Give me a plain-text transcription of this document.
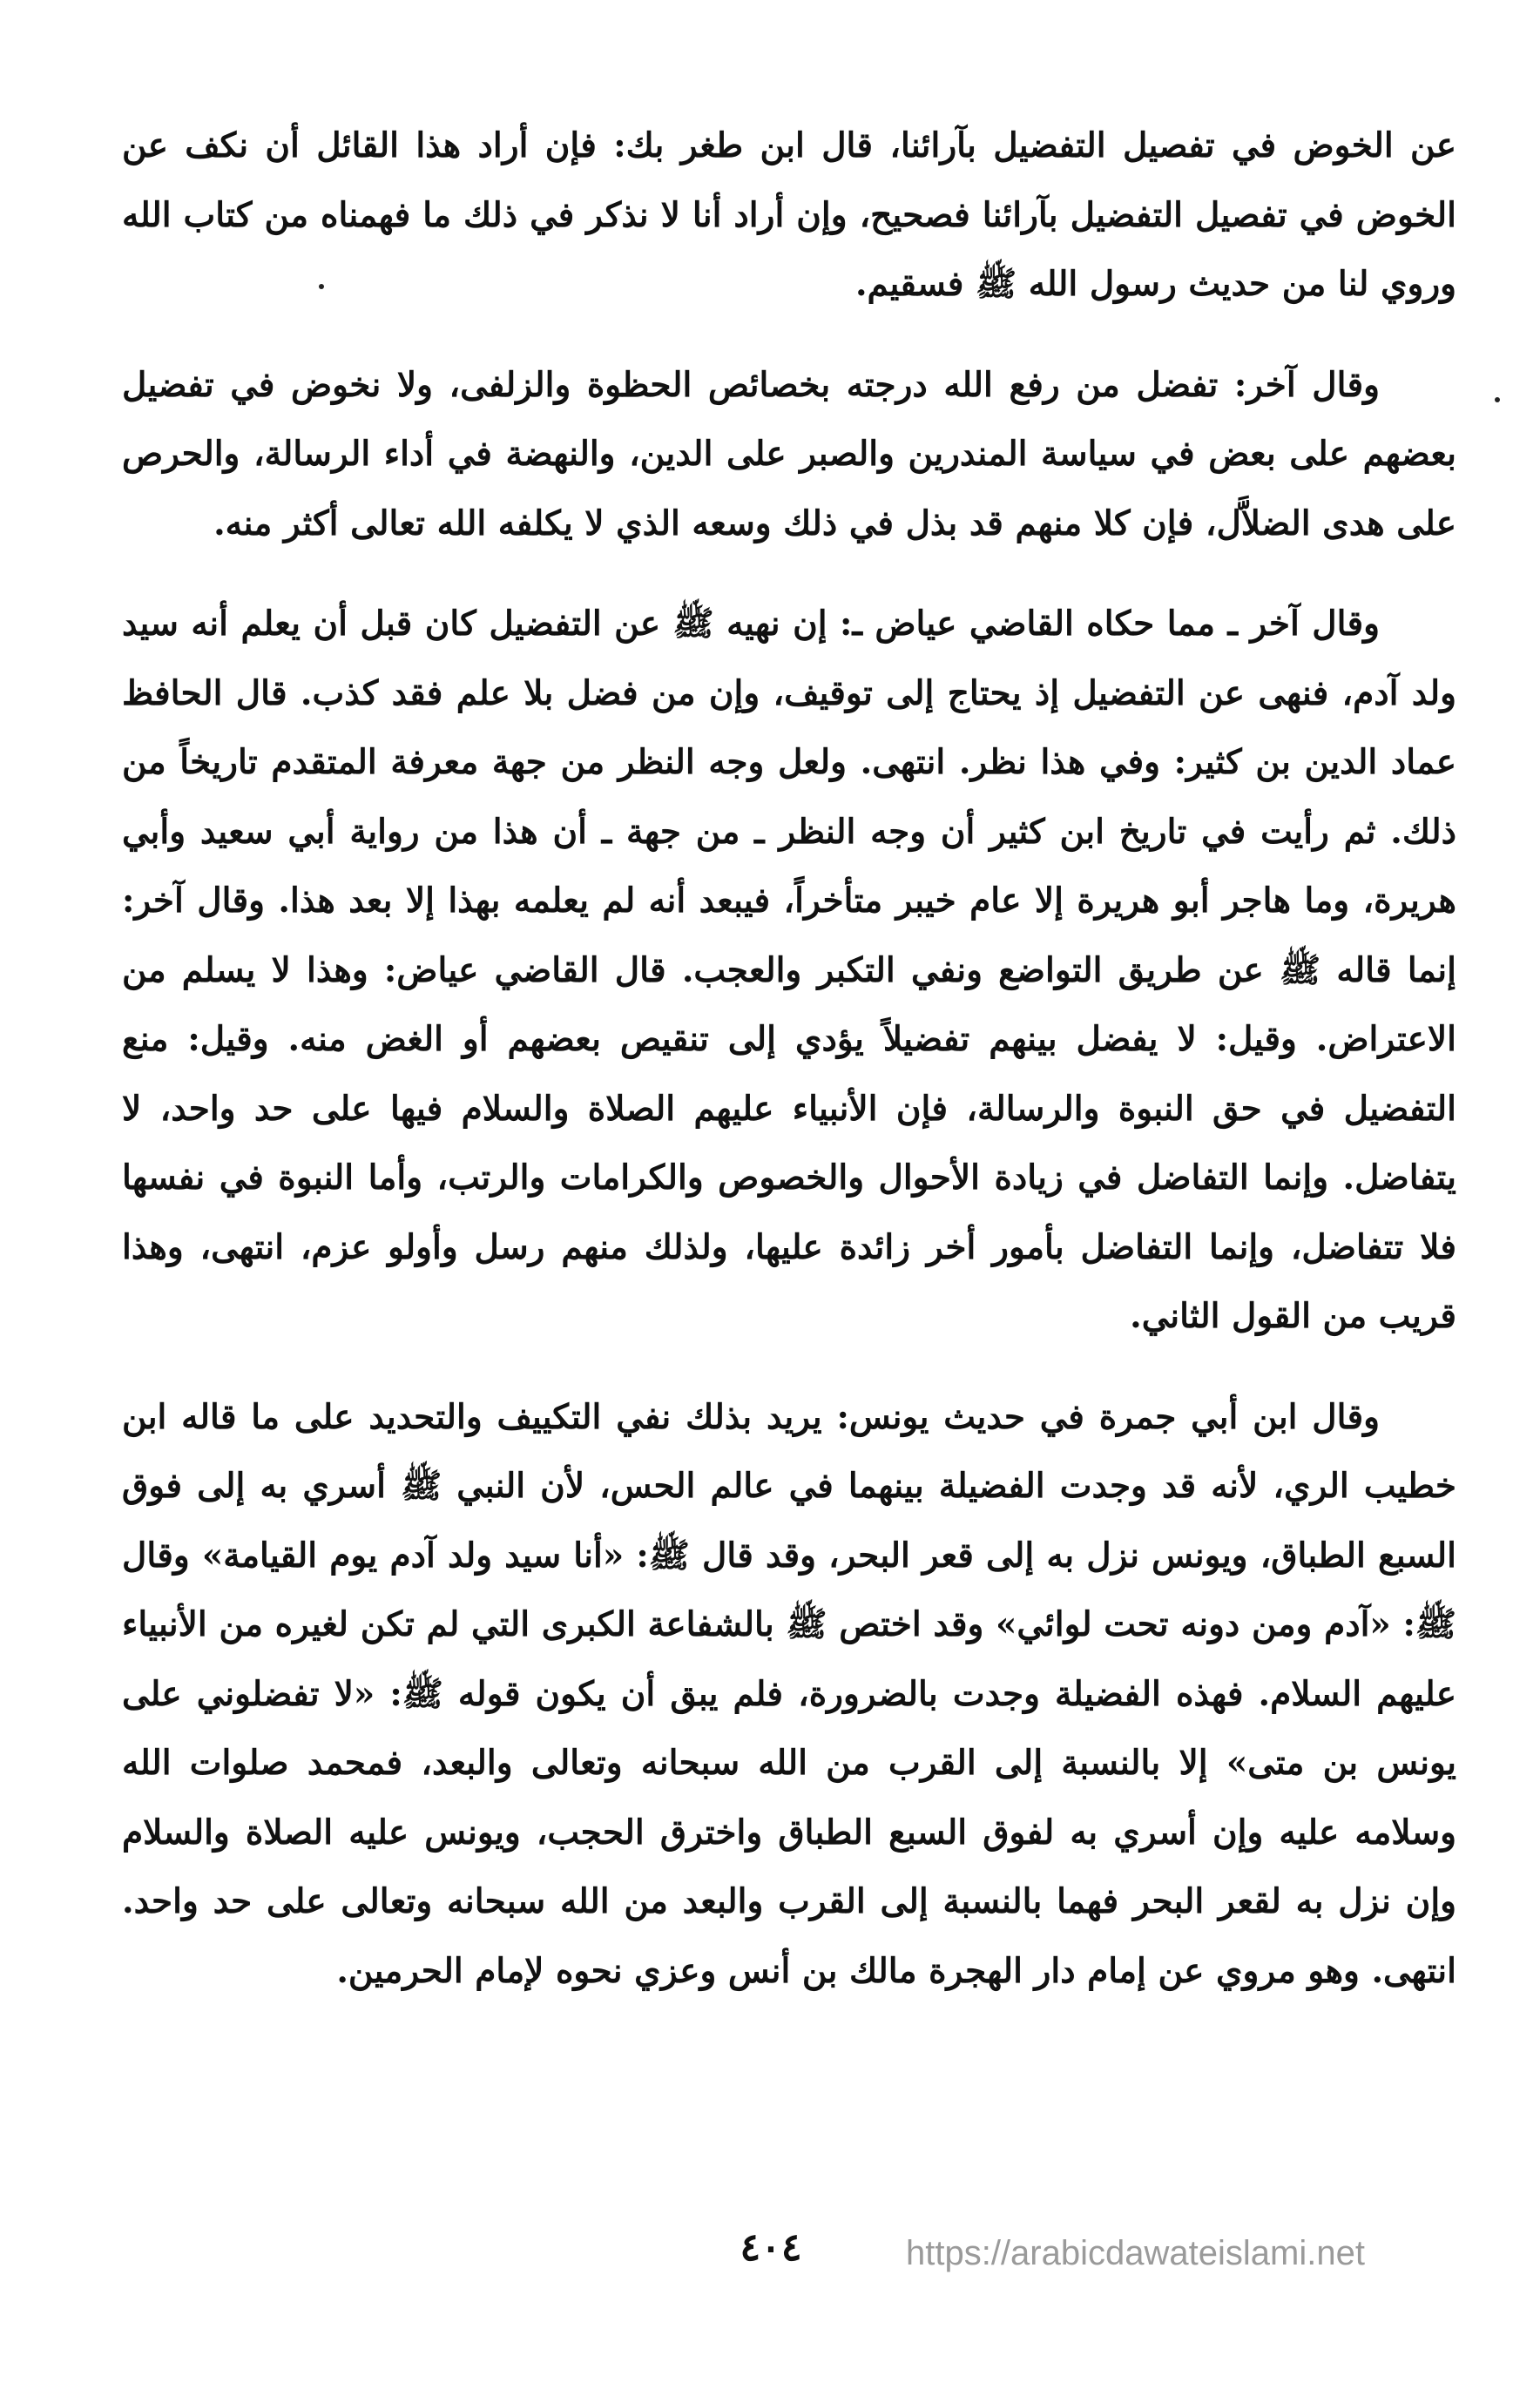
عن الخوض في تفصيل التفضيل بآرائنا، قال ابن طغر بك: فإن أراد هذا القائل أن نكف عن الخوض في تفصيل التفضيل بآرائنا فصحيح، وإن أراد أنا لا نذكر في ذلك ما فهمناه من كتاب الله وروي لنا من حديث رسول الله ﷺ فسقيم.

وقال آخر: تفضل من رفع الله درجته بخصائص الحظوة والزلفى، ولا نخوض في تفضيل بعضهم على بعض في سياسة المندرين والصبر على الدين، والنهضة في أداء الرسالة، والحرص على هدى الضلاَّل، فإن كلا منهم قد بذل في ذلك وسعه الذي لا يكلفه الله تعالى أكثر منه.

وقال آخر ـ مما حكاه القاضي عياض ـ: إن نهيه ﷺ عن التفضيل كان قبل أن يعلم أنه سيد ولد آدم، فنهى عن التفضيل إذ يحتاج إلى توقيف، وإن من فضل بلا علم فقد كذب. قال الحافظ عماد الدين بن كثير: وفي هذا نظر. انتهى. ولعل وجه النظر من جهة معرفة المتقدم تاريخاً من ذلك. ثم رأيت في تاريخ ابن كثير أن وجه النظر ـ من جهة ـ أن هذا من رواية أبي سعيد وأبي هريرة، وما هاجر أبو هريرة إلا عام خيبر متأخراً، فيبعد أنه لم يعلمه بهذا إلا بعد هذا. وقال آخر: إنما قاله ﷺ عن طريق التواضع ونفي التكبر والعجب. قال القاضي عياض: وهذا لا يسلم من الاعتراض. وقيل: لا يفضل بينهم تفضيلاً يؤدي إلى تنقيص بعضهم أو الغض منه. وقيل: منع التفضيل في حق النبوة والرسالة، فإن الأنبياء عليهم الصلاة والسلام فيها على حد واحد، لا يتفاضل. وإنما التفاضل في زيادة الأحوال والخصوص والكرامات والرتب، وأما النبوة في نفسها فلا تتفاضل، وإنما التفاضل بأمور أخر زائدة عليها، ولذلك منهم رسل وأولو عزم، انتهى، وهذا قريب من القول الثاني.

وقال ابن أبي جمرة في حديث يونس: يريد بذلك نفي التكييف والتحديد على ما قاله ابن خطيب الري، لأنه قد وجدت الفضيلة بينهما في عالم الحس، لأن النبي ﷺ أسري به إلى فوق السبع الطباق، ويونس نزل به إلى قعر البحر، وقد قال ﷺ: «أنا سيد ولد آدم يوم القيامة» وقال ﷺ: «آدم ومن دونه تحت لوائي» وقد اختص ﷺ بالشفاعة الكبرى التي لم تكن لغيره من الأنبياء عليهم السلام. فهذه الفضيلة وجدت بالضرورة، فلم يبق أن يكون قوله ﷺ: «لا تفضلوني على يونس بن متى» إلا بالنسبة إلى القرب من الله سبحانه وتعالى والبعد، فمحمد صلوات الله وسلامه عليه وإن أسري به لفوق السبع الطباق واخترق الحجب، ويونس عليه الصلاة والسلام وإن نزل به لقعر البحر فهما بالنسبة إلى القرب والبعد من الله سبحانه وتعالى على حد واحد. انتهى. وهو مروي عن إمام دار الهجرة مالك بن أنس وعزي نحوه لإمام الحرمين.

٤٠٤	https://arabicdawateislami.net
